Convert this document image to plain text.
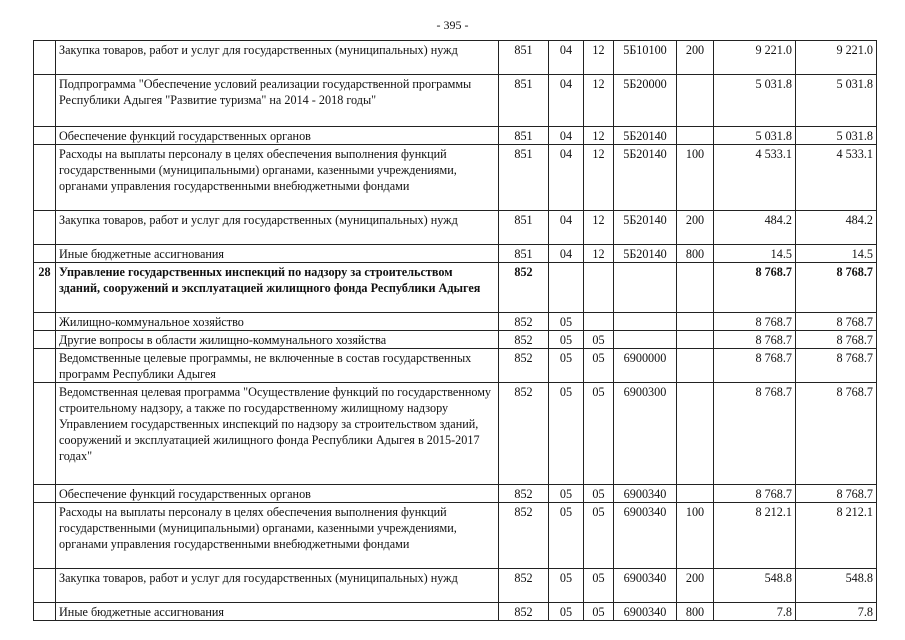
- 395 -
	Закупка товаров, работ и услуг для государственных (муниципальных) нужд	851	04	12	5Б10100	200	9 221.0	9 221.0
	Подпрограмма "Обеспечение условий реализации государственной программы Республики Адыгея "Развитие туризма" на 2014 - 2018 годы"	851	04	12	5Б20000		5 031.8	5 031.8
	Обеспечение функций государственных органов	851	04	12	5Б20140		5 031.8	5 031.8
	Расходы на выплаты персоналу в целях обеспечения выполнения функций государственными (муниципальными) органами, казенными учреждениями, органами управления государственными внебюджетными фондами	851	04	12	5Б20140	100	4 533.1	4 533.1
	Закупка товаров, работ и услуг для государственных (муниципальных) нужд	851	04	12	5Б20140	200	484.2	484.2
	Иные бюджетные ассигнования	851	04	12	5Б20140	800	14.5	14.5
28	Управление государственных инспекций по надзору за строительством зданий, сооружений и эксплуатацией жилищного фонда Республики Адыгея	852					8 768.7	8 768.7
	Жилищно-коммунальное хозяйство	852	05				8 768.7	8 768.7
	Другие вопросы в области жилищно-коммунального хозяйства	852	05	05			8 768.7	8 768.7
	Ведомственные целевые программы, не включенные в состав государственных программ Республики Адыгея	852	05	05	6900000		8 768.7	8 768.7
	Ведомственная целевая программа "Осуществление функций по государственному строительному надзору, а также по государственному жилищному надзору Управлением государственных инспекций по надзору за строительством зданий, сооружений и эксплуатацией жилищного фонда Республики Адыгея в 2015-2017 годах"	852	05	05	6900300		8 768.7	8 768.7
	Обеспечение функций государственных органов	852	05	05	6900340		8 768.7	8 768.7
	Расходы на выплаты персоналу в целях обеспечения выполнения функций государственными (муниципальными) органами, казенными учреждениями, органами управления государственными внебюджетными фондами	852	05	05	6900340	100	8 212.1	8 212.1
	Закупка товаров, работ и услуг для государственных (муниципальных) нужд	852	05	05	6900340	200	548.8	548.8
	Иные бюджетные ассигнования	852	05	05	6900340	800	7.8	7.8
